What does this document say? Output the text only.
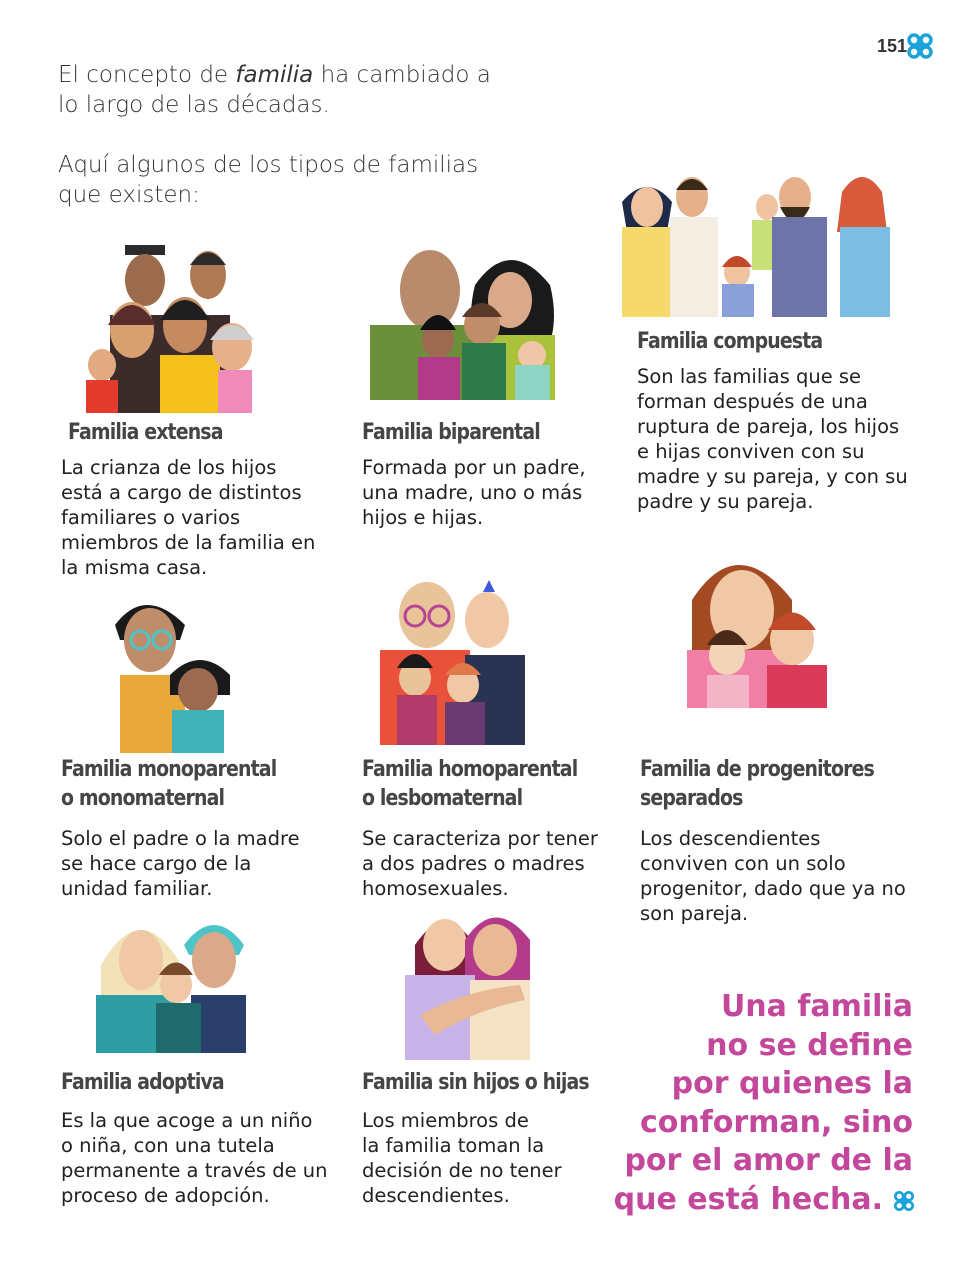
151

El concepto de familia ha cambiado a

lo largo de las décadas.

Aquí algunos de los tipos de familias

que existen:

Familia extensa
La crianza de los hijos
está a cargo de distintos
familiares o varios
miembros de la familia en
la misma casa.
Familia biparental
Formada por un padre,
una madre, uno o más
hijos e hijas.
Familia compuesta
Son las familias que se
forman después de una
ruptura de pareja, los hijos
e hijas conviven con su
madre y su pareja, y con su
padre y su pareja.
Familia monoparental
o monomaternal
Solo el padre o la madre
se hace cargo de la
unidad familiar.
Familia homoparental
o lesbomaternal
Se caracteriza por tener
a dos padres o madres
homosexuales.
Familia de progenitores
separados
Los descendientes
conviven con un solo
progenitor, dado que ya no
son pareja.
Familia adoptiva
Es la que acoge a un niño
o niña, con una tutela
permanente a través de un
proceso de adopción.
Familia sin hijos o hijas
Los miembros de
la familia toman la
decisión de no tener
descendientes.
Una familia
no se define
por quienes la
conforman, sino
por el amor de la
que está hecha.
